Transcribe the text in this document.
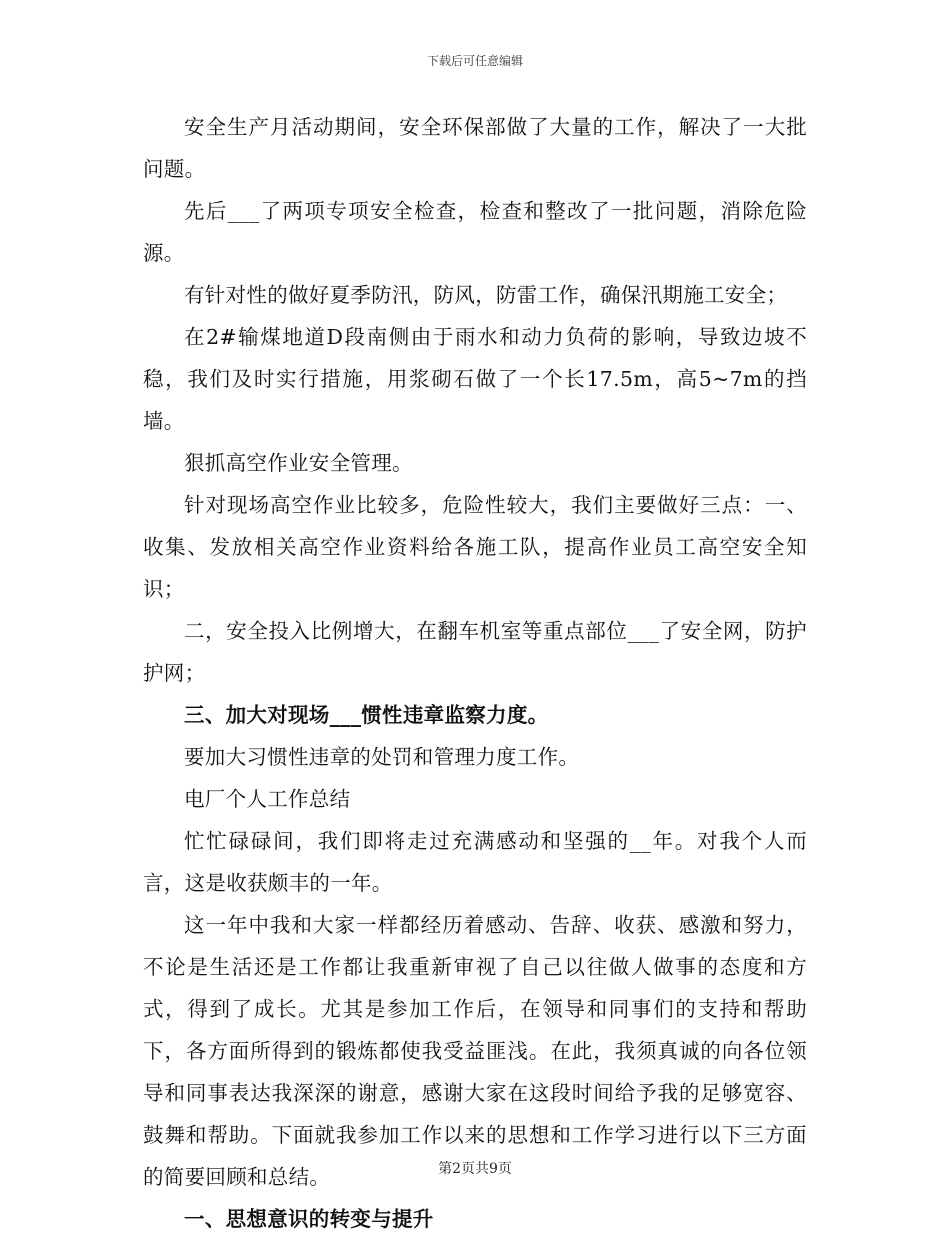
下载后可任意编辑

安全生产月活动期间，安全环保部做了大量的工作，解决了一大批问题。

先后___了两项专项安全检查，检查和整改了一批问题，消除危险源。

有针对性的做好夏季防汛，防风，防雷工作，确保汛期施工安全；

在2#输煤地道D段南侧由于雨水和动力负荷的影响，导致边坡不稳，我们及时实行措施，用浆砌石做了一个长17.5m，高5~7m的挡墙。

狠抓高空作业安全管理。

针对现场高空作业比较多，危险性较大，我们主要做好三点：一、收集、发放相关高空作业资料给各施工队，提高作业员工高空安全知识；

二，安全投入比例增大，在翻车机室等重点部位___了安全网，防护护网；

三、加大对现场___惯性违章监察力度。

要加大习惯性违章的处罚和管理力度工作。

电厂个人工作总结

忙忙碌碌间，我们即将走过充满感动和坚强的__年。对我个人而言，这是收获颇丰的一年。

这一年中我和大家一样都经历着感动、告辞、收获、感激和努力，不论是生活还是工作都让我重新审视了自己以往做人做事的态度和方式，得到了成长。尤其是参加工作后，在领导和同事们的支持和帮助下，各方面所得到的锻炼都使我受益匪浅。在此，我须真诚的向各位领导和同事表达我深深的谢意，感谢大家在这段时间给予我的足够宽容、鼓舞和帮助。下面就我参加工作以来的思想和工作学习进行以下三方面的简要回顾和总结。

一、思想意识的转变与提升

第2页共9页
